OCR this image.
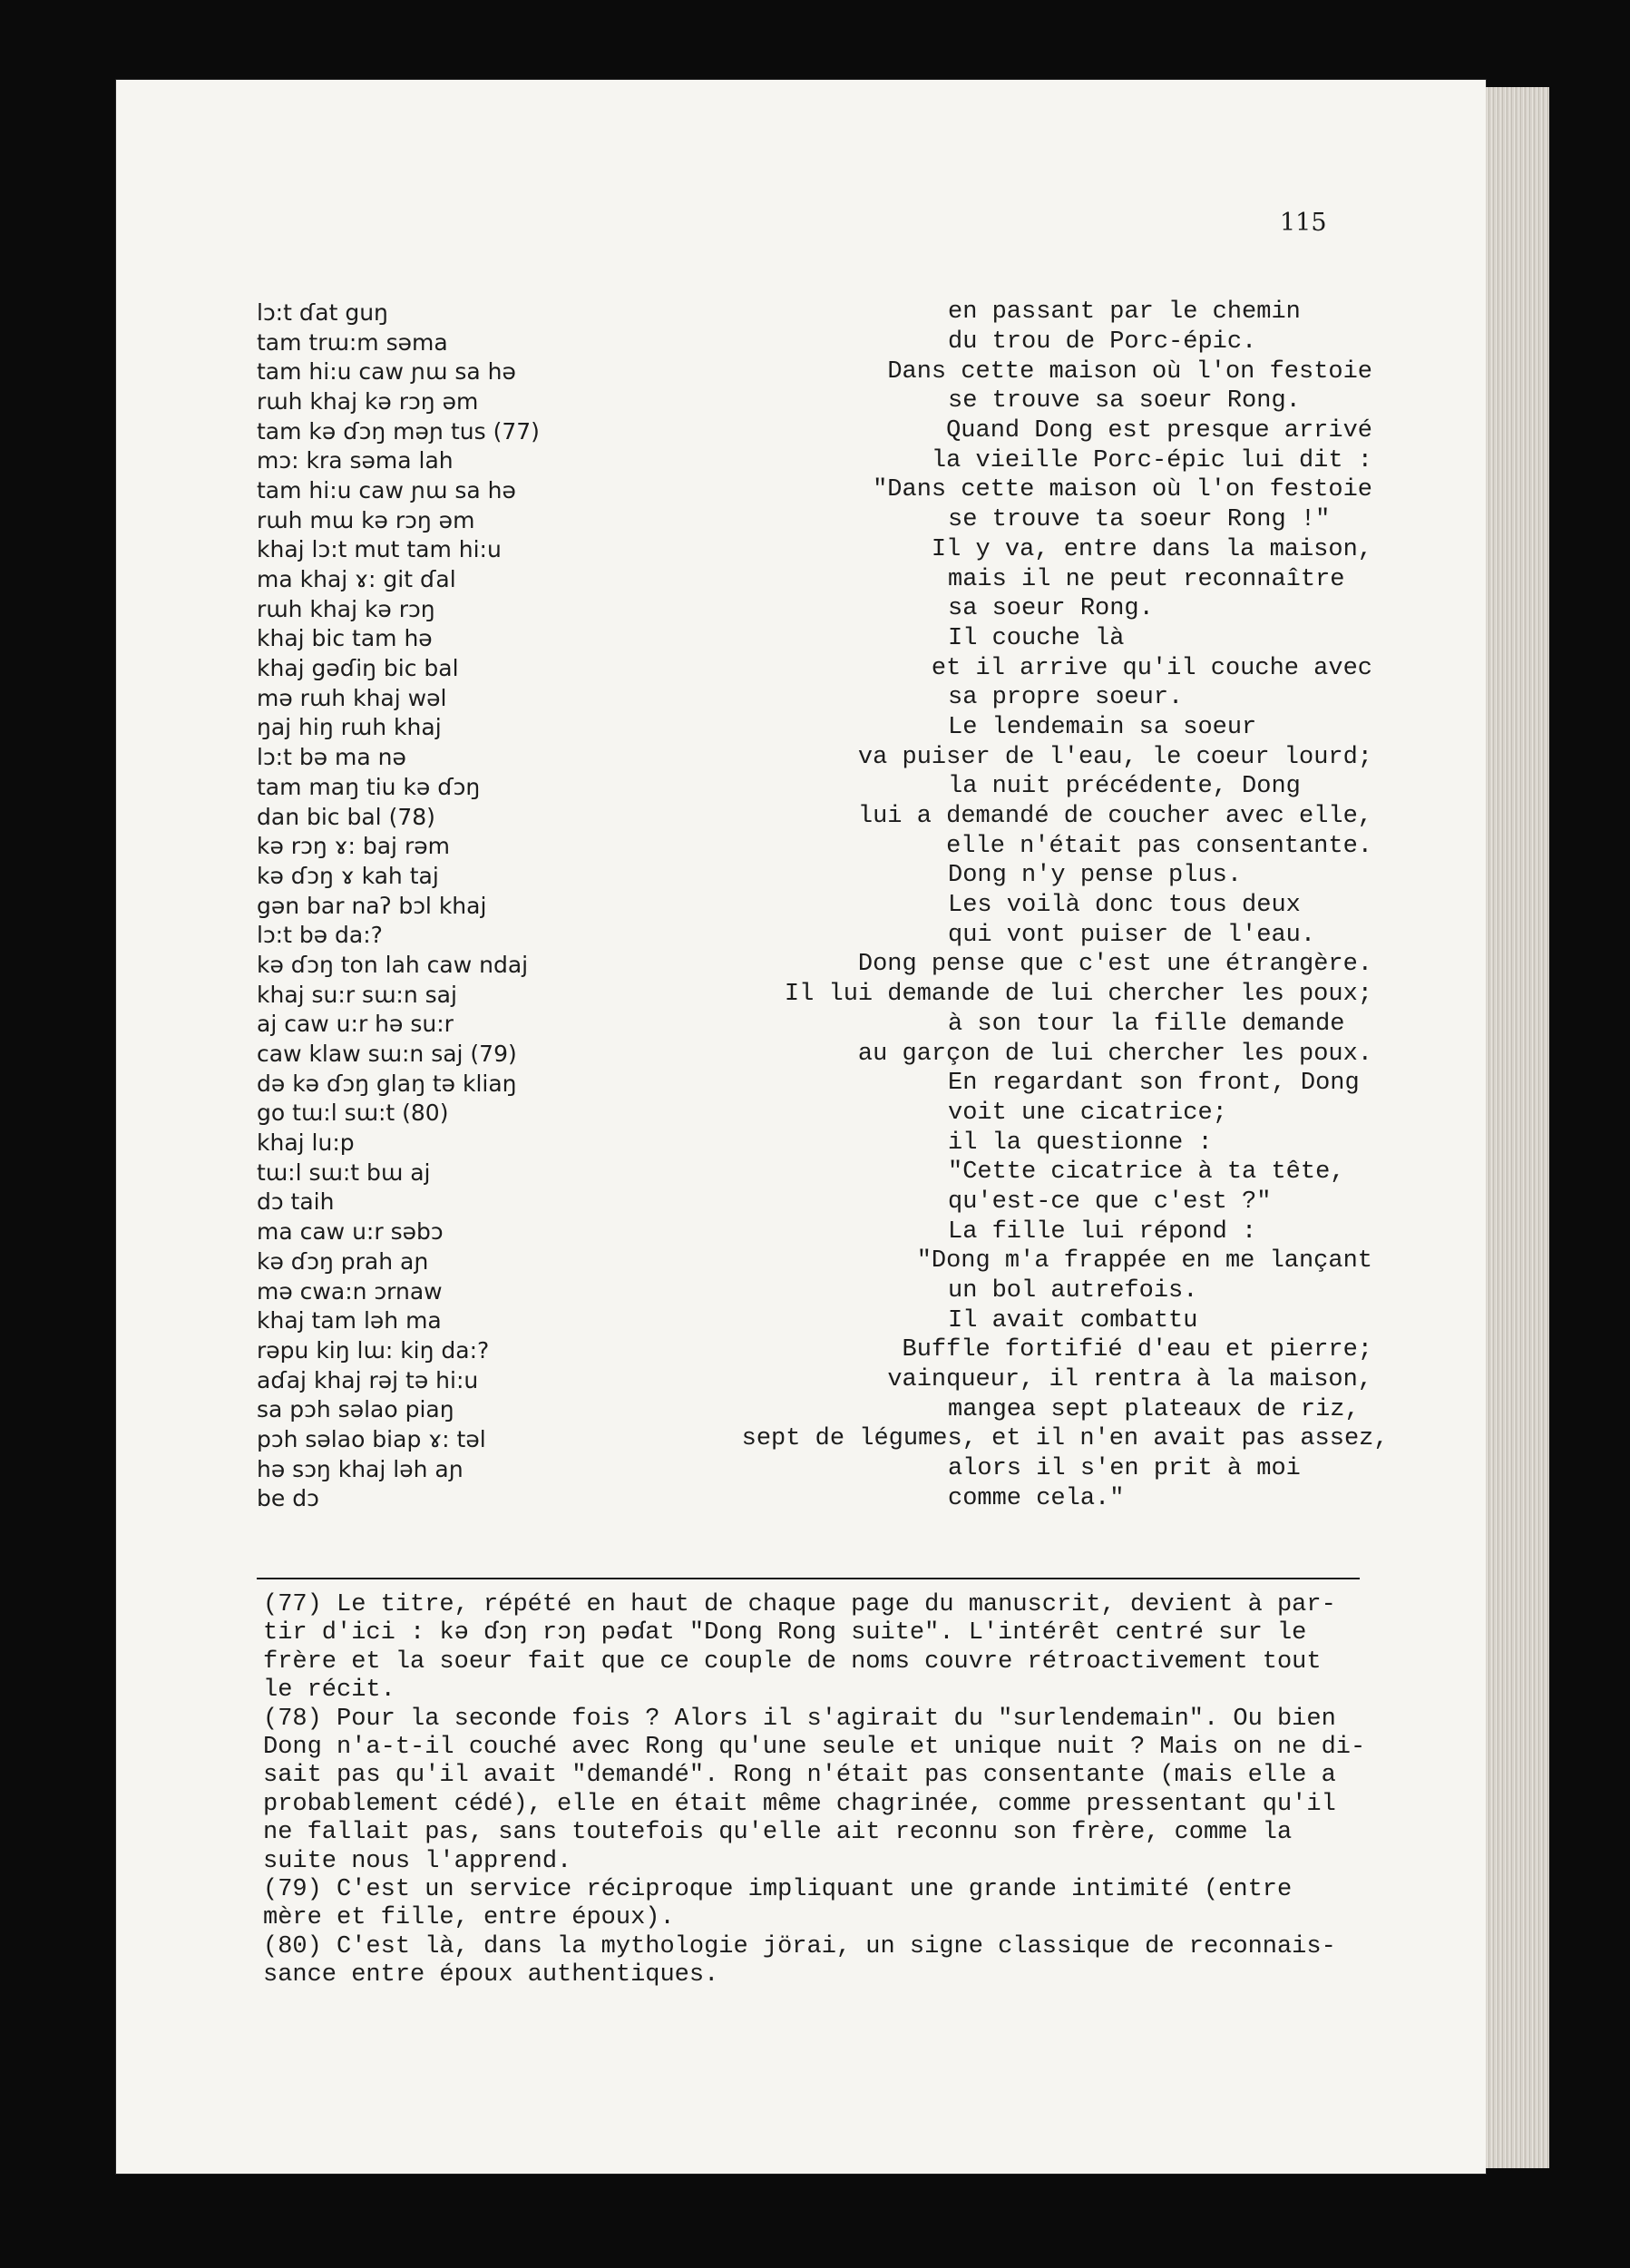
115
lɔ:t ɗat guŋ	en passant par le chemin
tam trɯ:m səma	du trou de Porc-épic.
tam hi:u caw ɲɯ sa hə	Dans cette maison où l'on festoie
rɯh khaj kə rɔŋ əm	se trouve sa soeur Rong.
tam kə ɗɔŋ məɲ tus (77)	Quand Dong est presque arrivé
mɔ: kra səma lah	la vieille Porc-épic lui dit :
tam hi:u caw ɲɯ sa hə	"Dans cette maison où l'on festoie
rɯh mɯ kə rɔŋ əm	se trouve ta soeur Rong !"
khaj lɔ:t mut tam hi:u	Il y va, entre dans la maison,
ma khaj ɤ: git ɗal	mais il ne peut reconnaître
rɯh khaj kə rɔŋ	sa soeur Rong.
khaj bic tam hə	Il couche là
khaj gəɗiŋ bic bal	et il arrive qu'il couche avec
mə rɯh khaj wəl	sa propre soeur.
ŋaj hiŋ rɯh khaj	Le lendemain sa soeur
lɔ:t bə ma nə	va puiser de l'eau, le coeur lourd;
tam maŋ tiu kə ɗɔŋ	la nuit précédente, Dong
dan bic bal (78)	lui a demandé de coucher avec elle,
kə rɔŋ ɤ: baj rəm	elle n'était pas consentante.
kə ɗɔŋ ɤ kah taj	Dong n'y pense plus.
gən bar naʔ bɔl khaj	Les voilà donc tous deux
lɔ:t bə da:?	qui vont puiser de l'eau.
kə ɗɔŋ ton lah caw ndaj	Dong pense que c'est une étrangère.
khaj su:r sɯ:n saj	Il lui demande de lui chercher les poux;
aj caw u:r hə su:r	à son tour la fille demande
caw klaw sɯ:n saj (79)	au garçon de lui chercher les poux.
də kə ɗɔŋ glaŋ tə kliaŋ	En regardant son front, Dong
go tɯ:l sɯ:t (80)	voit une cicatrice;
khaj lu:p	il la questionne :
tɯ:l sɯ:t bɯ aj	"Cette cicatrice à ta tête,
dɔ taih	qu'est-ce que c'est ?"
ma caw u:r səbɔ	La fille lui répond :
kə ɗɔŋ prah aɲ	"Dong m'a frappée en me lançant
mə cwa:n ɔrnaw	un bol autrefois.
khaj tam ləh ma	Il avait combattu
rəpu kiŋ lɯ: kiŋ da:?	Buffle fortifié d'eau et pierre;
aɗaj khaj rəj tə hi:u	vainqueur, il rentra à la maison,
sa pɔh səlao piaŋ	mangea sept plateaux de riz,
pɔh səlao biap ɤ: təl	sept de légumes, et il n'en avait pas assez,
hə sɔŋ khaj ləh aɲ	alors il s'en prit à moi
be dɔ	comme cela."

(77) Le titre, répété en haut de chaque page du manuscrit, devient à par-

tir d'ici : kə ɗɔŋ rɔŋ pəɗat "Dong Rong suite". L'intérêt centré sur le

frère et la soeur fait que ce couple de noms couvre rétroactivement tout

le récit.

(78) Pour la seconde fois ? Alors il s'agirait du "surlendemain". Ou bien

Dong n'a-t-il couché avec Rong qu'une seule et unique nuit ? Mais on ne di-

sait pas qu'il avait "demandé". Rong n'était pas consentante (mais elle a

probablement cédé), elle en était même chagrinée, comme pressentant qu'il

ne fallait pas, sans toutefois qu'elle ait reconnu son frère, comme la

suite nous l'apprend.

(79) C'est un service réciproque impliquant une grande intimité (entre

mère et fille, entre époux).

(80) C'est là, dans la mythologie jörai, un signe classique de reconnais-

sance entre époux authentiques.
